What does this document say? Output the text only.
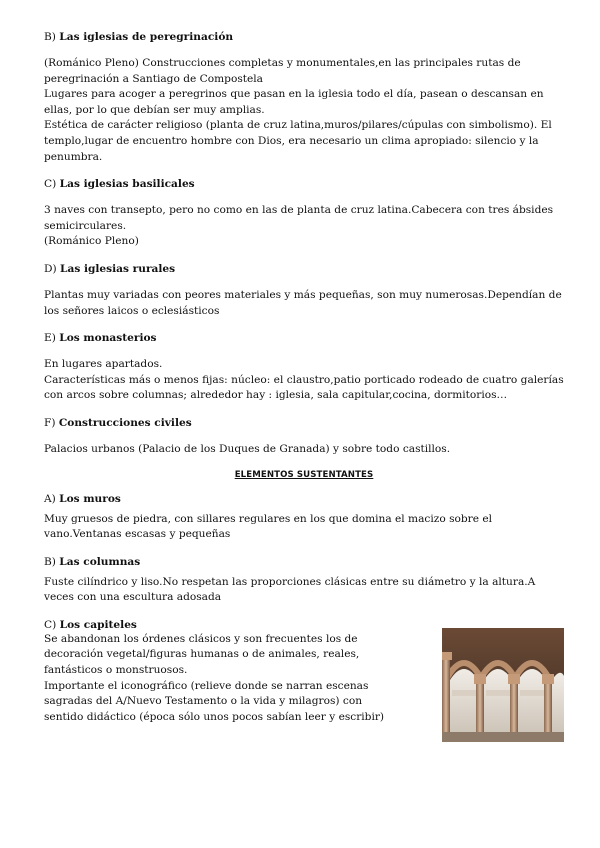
B) Las iglesias de peregrinación

(Románico Pleno) Construcciones completas y monumentales,en las principales rutas de peregrinación a Santiago de Compostela

Lugares para acoger a peregrinos que pasan en la iglesia todo el día, pasean o descansan en ellas, por lo que debían ser muy amplias.

Estética de carácter religioso (planta de cruz latina,muros/pilares/cúpulas con simbolismo). El templo,lugar de encuentro hombre con Dios, era necesario un clima apropiado: silencio y la penumbra.

C) Las iglesias basilicales

3 naves con transepto, pero no como en las de planta de cruz latina.Cabecera con tres ábsides semicirculares.

(Románico Pleno)

D) Las iglesias rurales

Plantas muy variadas con peores materiales y más pequeñas, son muy numerosas.Dependían de los señores laicos o eclesiásticos

E) Los monasterios

En lugares apartados.

Características más o menos fijas: núcleo: el claustro,patio porticado rodeado de cuatro galerías con arcos sobre columnas; alrededor hay : iglesia, sala capitular,cocina, dormitorios…

F) Construcciones civiles

Palacios urbanos (Palacio de los Duques de Granada) y sobre todo castillos.

ELEMENTOS SUSTENTANTES

A) Los muros

Muy gruesos de piedra, con sillares regulares en los que domina el macizo sobre el vano.Ventanas escasas y pequeñas

B) Las columnas

Fuste cilíndrico y liso.No respetan las proporciones clásicas entre su diámetro y la altura.A veces con una escultura adosada

C) Los capiteles

Se abandonan los órdenes clásicos y son frecuentes los de decoración vegetal/figuras humanas o de animales, reales, fantásticos o monstruosos.

Importante el iconográfico (relieve donde se narran escenas sagradas del A/Nuevo Testamento o la vida y milagros) con sentido didáctico (época sólo unos pocos sabían leer y escribir)
